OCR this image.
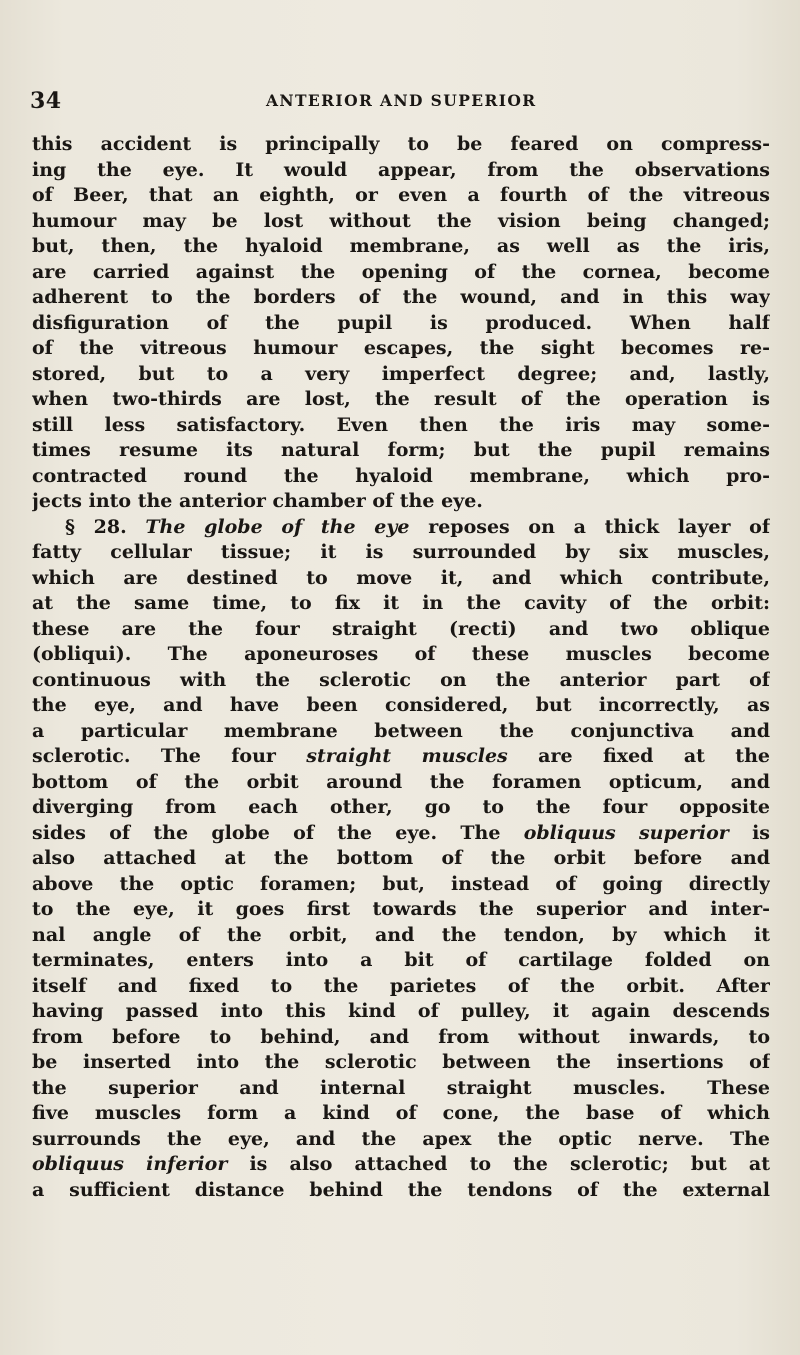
34	ANTERIOR AND SUPERIOR
this accident is principally to be feared on compress-
ing the eye. It would appear, from the observations
of Beer, that an eighth, or even a fourth of the vitreous
humour may be lost without the vision being changed;
but, then, the hyaloid membrane, as well as the iris,
are carried against the opening of the cornea, become
adherent to the borders of the wound, and in this way
disfiguration of the pupil is produced. When half
of the vitreous humour escapes, the sight becomes re-
stored, but to a very imperfect degree; and, lastly,
when two-thirds are lost, the result of the operation is
still less satisfactory. Even then the iris may some-
times resume its natural form; but the pupil remains
contracted round the hyaloid membrane, which pro-
jects into the anterior chamber of the eye.
§ 28. The globe of the eye reposes on a thick layer of
fatty cellular tissue; it is surrounded by six muscles,
which are destined to move it, and which contribute,
at the same time, to fix it in the cavity of the orbit:
these are the four straight (recti) and two oblique
(obliqui). The aponeuroses of these muscles become
continuous with the sclerotic on the anterior part of
the eye, and have been considered, but incorrectly, as
a particular membrane between the conjunctiva and
sclerotic. The four straight muscles are fixed at the
bottom of the orbit around the foramen opticum, and
diverging from each other, go to the four opposite
sides of the globe of the eye. The obliquus superior is
also attached at the bottom of the orbit before and
above the optic foramen; but, instead of going directly
to the eye, it goes first towards the superior and inter-
nal angle of the orbit, and the tendon, by which it
terminates, enters into a bit of cartilage folded on
itself and fixed to the parietes of the orbit. After
having passed into this kind of pulley, it again descends
from before to behind, and from without inwards, to
be inserted into the sclerotic between the insertions of
the superior and internal straight muscles. These
five muscles form a kind of cone, the base of which
surrounds the eye, and the apex the optic nerve. The
obliquus inferior is also attached to the sclerotic; but at
a sufficient distance behind the tendons of the external
